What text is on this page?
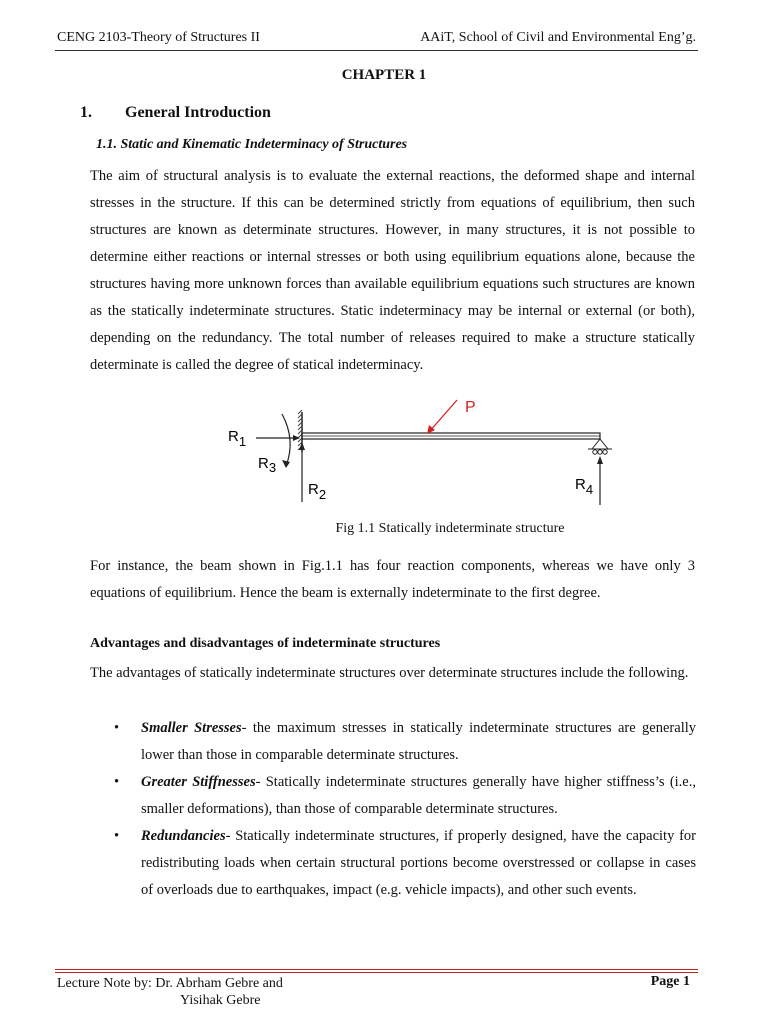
CENG 2103-Theory of Structures II	AAiT, School of Civil and Environmental Eng’g.
CHAPTER 1
1. General Introduction
1.1. Static and Kinematic Indeterminacy of Structures
The aim of structural analysis is to evaluate the external reactions, the deformed shape and internal stresses in the structure. If this can be determined strictly from equations of equilibrium, then such structures are known as determinate structures. However, in many structures, it is not possible to determine either reactions or internal stresses or both using equilibrium equations alone, because the structures having more unknown forces than available equilibrium equations such structures are known as the statically indeterminate structures. Static indeterminacy may be internal or external (or both), depending on the redundancy. The total number of releases required to make a structure statically determinate is called the degree of statical indeterminacy.
P
R1
R3
R2
R4
Fig 1.1 Statically indeterminate structure
For instance, the beam shown in Fig.1.1 has four reaction components, whereas we have only 3 equations of equilibrium. Hence the beam is externally indeterminate to the first degree.
Advantages and disadvantages of indeterminate structures
The advantages of statically indeterminate structures over determinate structures include the following.
• Smaller Stresses- the maximum stresses in statically indeterminate structures are generally lower than those in comparable determinate structures.
• Greater Stiffnesses- Statically indeterminate structures generally have higher stiffness’s (i.e., smaller deformations), than those of comparable determinate structures.
• Redundancies- Statically indeterminate structures, if properly designed, have the capacity for redistributing loads when certain structural portions become overstressed or collapse in cases of overloads due to earthquakes, impact (e.g. vehicle impacts), and other such events.
Lecture Note by: Dr. Abrham Gebre and
Yisihak Gebre
Page 1
